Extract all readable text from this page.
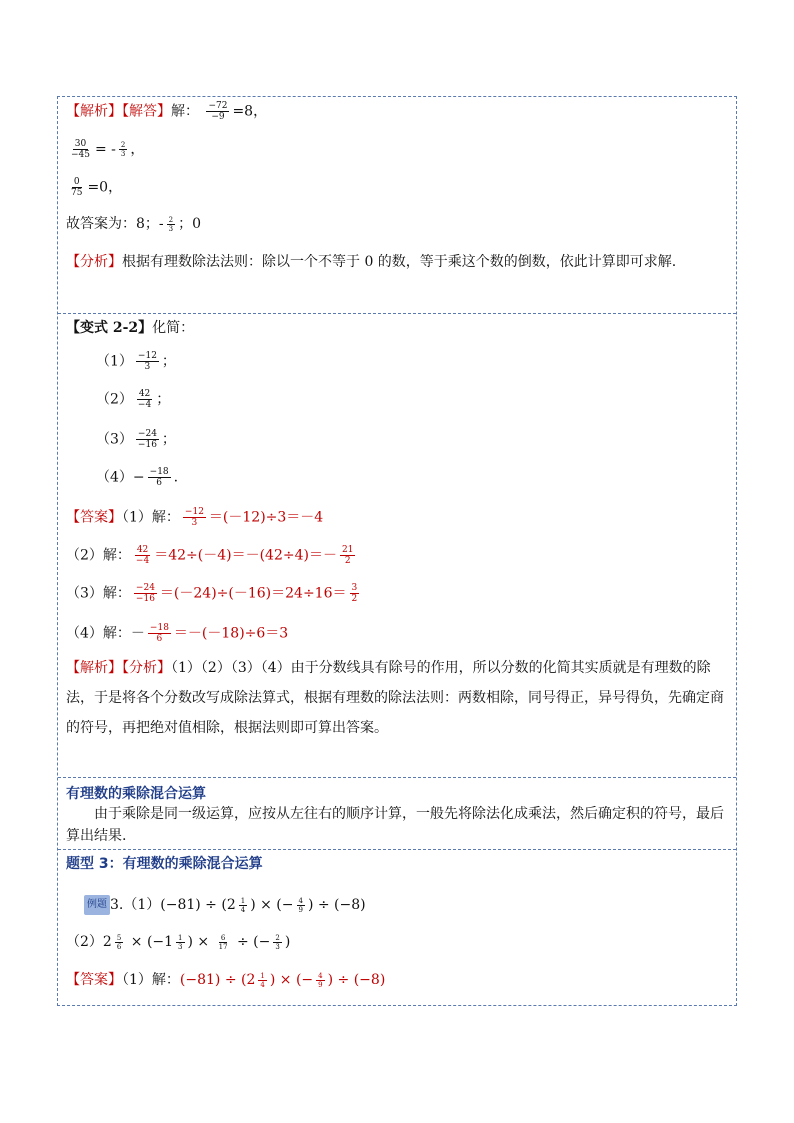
【解析】【解答】解： $\frac{-72}{-9} =8$，
$\frac{30}{-45}$ = - $\frac{2}{3}$ ，
$\frac{0}{75} =0$，
故答案为：8；- $\frac{2}{3}$ ；0
【分析】根据有理数除法法则：除以一个不等于 0 的数，等于乘这个数的倒数，依此计算即可求解.
【变式 2-2】化简：
$(1) \frac{-12}{3}$ ；
$(2) \frac{42}{-4}$ ；
$(3) \frac{-24}{-16}$ ；
$(4)- \frac{-18}{6}$ .
【答案】（1）解： $\frac{-12}{3} =(-12)\div 3=-4$
（2）解： $\frac{42}{-4} =42\div(-4)=-(42\div 4)=- \frac{21}{2}$
（3）解： $\frac{-24}{-16} =(-24)\div(-16)=24\div 16= \frac{3}{2}$
（4）解：－ $\frac{-18}{6} =-(-18)\div 6=3$
【解析】【分析】（1）（2）（3）（4）由于分数线具有除号的作用，所以分数的化简其实质就是有理数的除法，于是将各个分数改写成除法算式，根据有理数的除法法则：两数相除，同号得正，异号得负，先确定商的符号，再把绝对值相除，根据法则即可算出答案。
有理数的乘除混合运算
由于乘除是同一级运算，应按从左往右的顺序计算，一般先将除法化成乘法，然后确定积的符号，最后算出结果.
题型 3：有理数的乘除混合运算
例题 $3.(1)(-81) \div (2 \frac{1}{4}$ ) × (− $\frac{4}{9}$ ) ÷ (−8)
$(2)2 \frac{5}{6} \times (-1 \frac{1}{3}$ ) × $\frac{6}{17}$ ÷ (− $\frac{2}{3}$ )
【答案】（1）解：$(-81) \div (2 \frac{1}{4}$ ) × (− $\frac{4}{9}$ ) ÷ (−8)
